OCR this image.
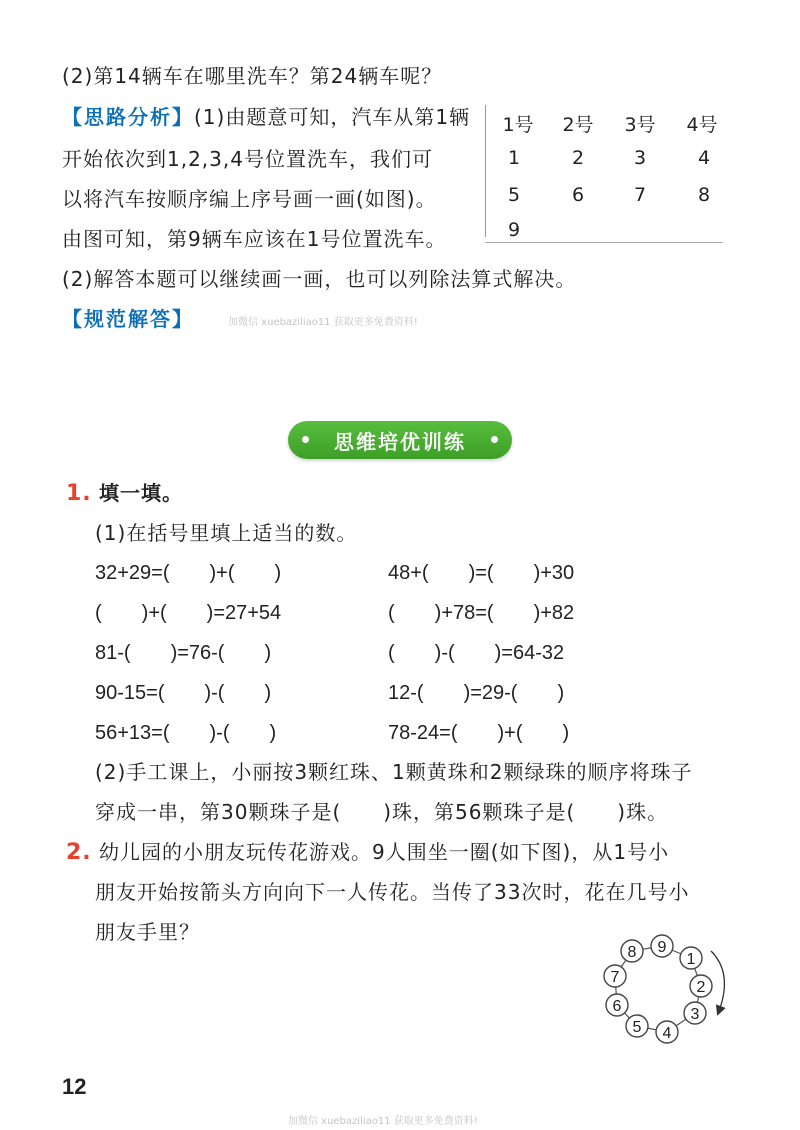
(2)第14辆车在哪里洗车？第24辆车呢？
【思路分析】(1)由题意可知，汽车从第1辆
开始依次到1,2,3,4号位置洗车，我们可
以将汽车按顺序编上序号画一画(如图)。
由图可知，第9辆车应该在1号位置洗车。
1号	2号	3号	4号
1	2	3	4
5	6	7	8
9
(2)解答本题可以继续画一画，也可以列除法算式解决。
【规范解答】	加微信 xuebaziliao11 获取更多免费资料!
思维培优训练
1. 填一填。
(1)在括号里填上适当的数。
32+29=(　　)+(　　)	48+(　　)=(　　)+30
(　　)+(　　)=27+54	(　　)+78=(　　)+82
81-(　　)=76-(　　)	(　　)-(　　)=64-32
90-15=(　　)-(　　)	12-(　　)=29-(　　)
56+13=(　　)-(　　)	78-24=(　　)+(　　)
(2)手工课上，小丽按3颗红珠、1颗黄珠和2颗绿珠的顺序将珠子
穿成一串，第30颗珠子是(　　)珠，第56颗珠子是(　　)珠。
2. 幼儿园的小朋友玩传花游戏。9人围坐一圈(如下图)，从1号小
朋友开始按箭头方向向下一人传花。当传了33次时，花在几号小
朋友手里？
1
2
3
4
5
6
7
8 9
12
加微信 xuebaziliao11 获取更多免费资料!
